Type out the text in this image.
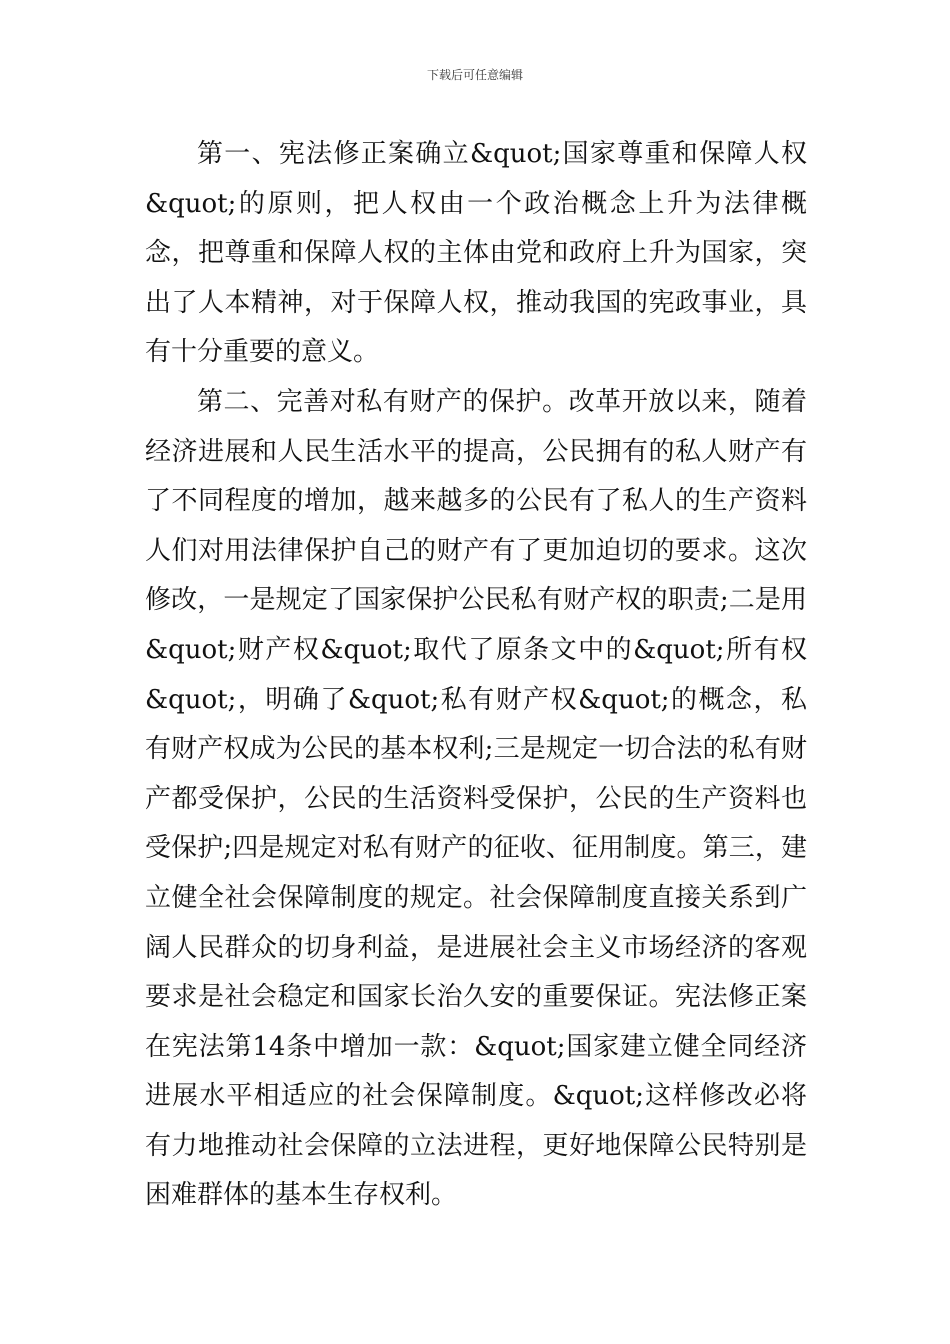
下载后可任意编辑

第一、宪法修正案确立&quot;国家尊重和保障人权&quot;的原则，把人权由一个政治概念上升为法律概念，把尊重和保障人权的主体由党和政府上升为国家，突出了人本精神，对于保障人权，推动我国的宪政事业，具有十分重要的意义。

第二、完善对私有财产的保护。改革开放以来，随着经济进展和人民生活水平的提高，公民拥有的私人财产有了不同程度的增加，越来越多的公民有了私人的生产资料人们对用法律保护自己的财产有了更加迫切的要求。这次修改，一是规定了国家保护公民私有财产权的职责;二是用&quot;财产权&quot;取代了原条文中的&quot;所有权&quot;，明确了&quot;私有财产权&quot;的概念，私有财产权成为公民的基本权利;三是规定一切合法的私有财产都受保护，公民的生活资料受保护，公民的生产资料也受保护;四是规定对私有财产的征收、征用制度。第三，建立健全社会保障制度的规定。社会保障制度直接关系到广阔人民群众的切身利益，是进展社会主义市场经济的客观要求是社会稳定和国家长治久安的重要保证。宪法修正案在宪法第14条中增加一款：&quot;国家建立健全同经济进展水平相适应的社会保障制度。&quot;这样修改必将有力地推动社会保障的立法进程，更好地保障公民特别是困难群体的基本生存权利。
